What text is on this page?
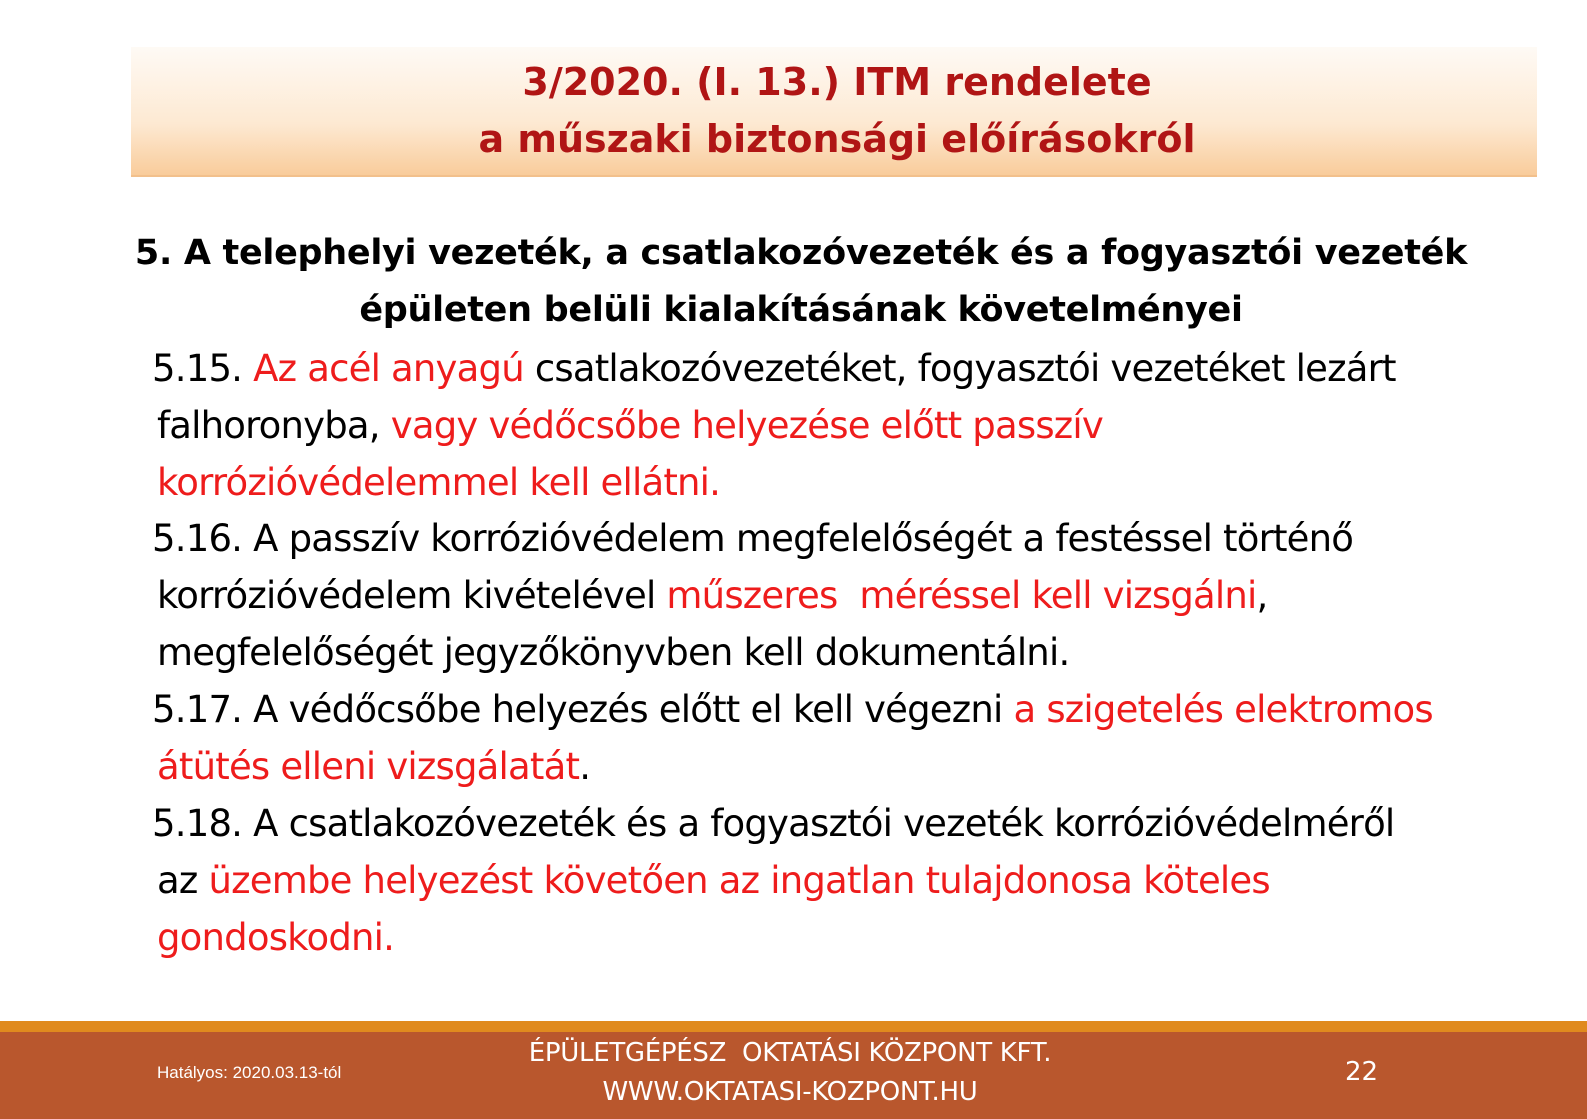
3/2020. (I. 13.) ITM rendelete
a műszaki biztonsági előírásokról
5. A telephelyi vezeték, a csatlakozóvezeték és a fogyasztói vezeték
épületen belüli kialakításának követelményei
5.15. Az acél anyagú csatlakozóvezetéket, fogyasztói vezetéket lezárt
falhoronyba, vagy védőcsőbe helyezése előtt passzív
korrózióvédelemmel kell ellátni.
5.16. A passzív korrózióvédelem megfelelőségét a festéssel történő
korrózióvédelem kivételével műszeres  méréssel kell vizsgálni,
megfelelőségét jegyzőkönyvben kell dokumentálni.
5.17. A védőcsőbe helyezés előtt el kell végezni a szigetelés elektromos
átütés elleni vizsgálatát.
5.18. A csatlakozóvezeték és a fogyasztói vezeték korrózióvédelméről
az üzembe helyezést követően az ingatlan tulajdonosa köteles
gondoskodni.
Hatályos: 2020.03.13-tól
ÉPÜLETGÉPÉSZ  OKTATÁSI KÖZPONT KFT.
WWW.OKTATASI-KOZPONT.HU
22
